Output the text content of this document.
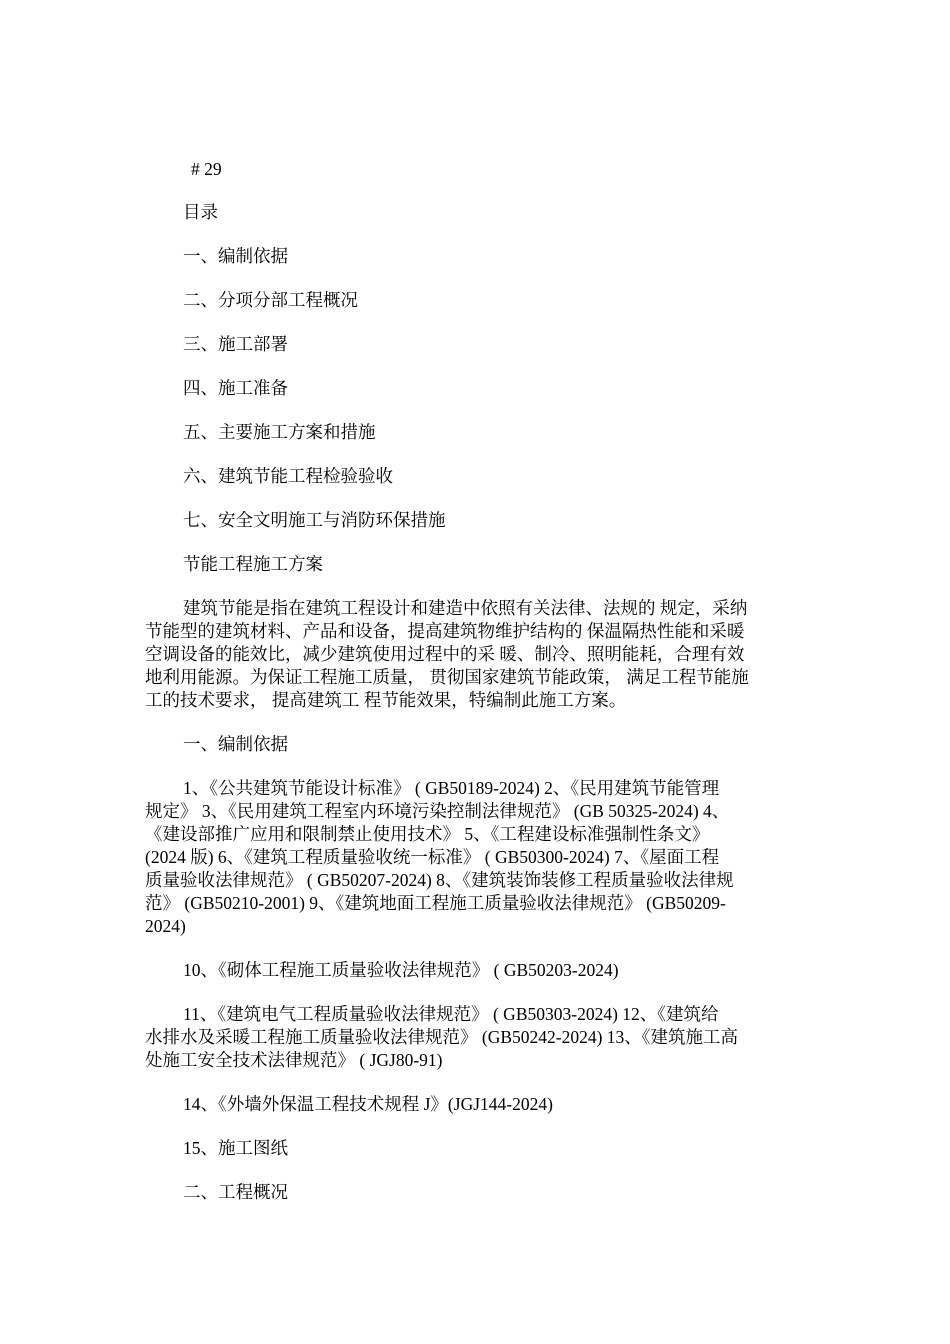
# 29

目录

一、编制依据

二、分项分部工程概况

三、施工部署

四、施工准备

五、主要施工方案和措施

六、建筑节能工程检验验收

七、安全文明施工与消防环保措施

节能工程施工方案

建筑节能是指在建筑工程设计和建造中依照有关法律、法规的 规定，采纳
节能型的建筑材料、产品和设备，提高建筑物维护结构的 保温隔热性能和采暖
空调设备的能效比，减少建筑使用过程中的采 暖、制冷、照明能耗，合理有效
地利用能源。为保证工程施工质量， 贯彻国家建筑节能政策， 满足工程节能施
工的技术要求， 提高建筑工 程节能效果，特编制此施工方案。

一、编制依据

1、《公共建筑节能设计标准》 ( GB50189-2024) 2、《民用建筑节能管理
规定》 3、《民用建筑工程室内环境污染控制法律规范》 (GB 50325-2024) 4、
《建设部推广应用和限制禁止使用技术》 5、《工程建设标准强制性条文》
(2024 版) 6、《建筑工程质量验收统一标准》 ( GB50300-2024) 7、《屋面工程
质量验收法律规范》 ( GB50207-2024) 8、《建筑装饰装修工程质量验收法律规
范》 (GB50210-2001) 9、《建筑地面工程施工质量验收法律规范》 (GB50209-
2024)

10、《砌体工程施工质量验收法律规范》 ( GB50203-2024)

11、《建筑电气工程质量验收法律规范》 ( GB50303-2024) 12、《建筑给
水排水及采暖工程施工质量验收法律规范》 (GB50242-2024) 13、《建筑施工高
处施工安全技术法律规范》 ( JGJ80-91)

14、《外墙外保温工程技术规程 J》(JGJ144-2024)

15、施工图纸

二、工程概况
